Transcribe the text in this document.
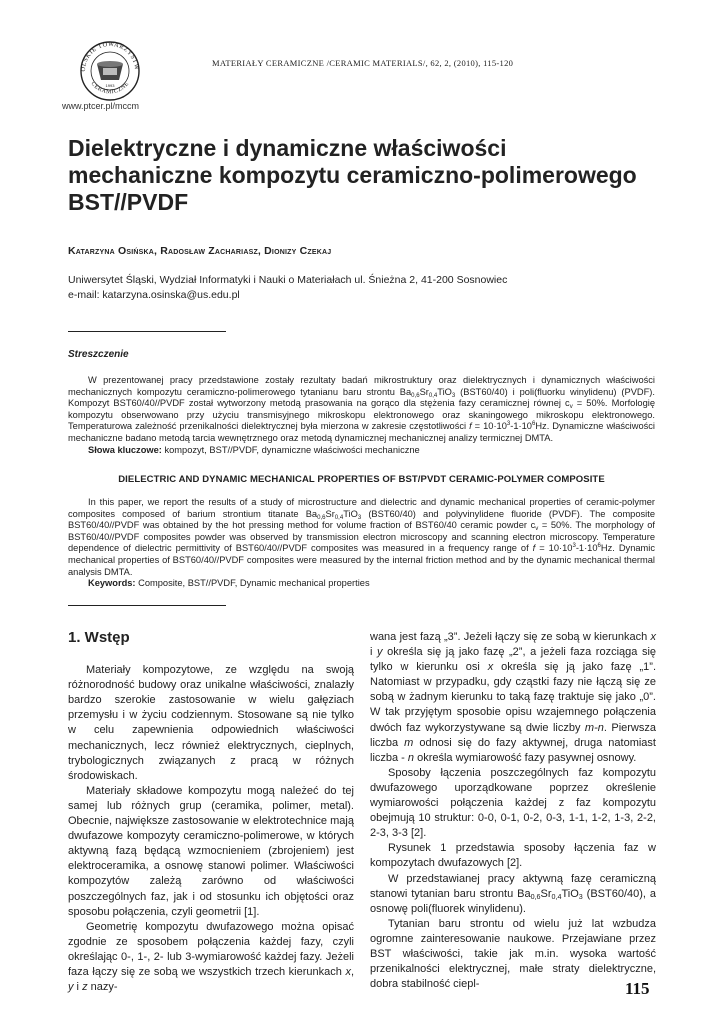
OLSKIE TOWARZYSTW
CERAMICZNE
1993
www.ptcer.pl/mccm
MATERIAŁY CERAMICZNE /CERAMIC MATERIALS/, 62, 2, (2010), 115-120
Dielektryczne i dynamiczne właściwości
mechaniczne kompozytu ceramiczno-polimerowego
BST//PVDF
Katarzyna Osińska, Radosław Zachariasz, Dionizy Czekaj
Uniwersytet Śląski, Wydział Informatyki i Nauki o Materiałach ul. Śnieżna 2, 41-200 Sosnowiec
e-mail: katarzyna.osinska@us.edu.pl
Streszczenie

W prezentowanej pracy przedstawione zostały rezultaty badań mikrostruktury oraz dielektrycznych i dynamicznych właściwości mechanicznych kompozytu ceramiczno-polimerowego tytanianu baru strontu $Ba_{0,6}Sr_{0,4}TiO_3$ (BST60/40) i poli(fluorku winylidenu) (PVDF). Kompozyt BST60/40//PVDF został wytworzony metodą prasowania na gorąco dla stężenia fazy ceramicznej równej $c_v = 50\%$. Morfologię kompozytu obserwowano przy użyciu transmisyjnego mikroskopu elektronowego oraz skaningowego mikroskopu elektronowego. Temperaturowa zależność przenikalności dielektrycznej była mierzona w zakresie częstotliwości $f = 10\cdot 10^3-1\cdot 10^6Hz$. Dynamiczne właściwości mechaniczne badano metodą tarcia wewnętrznego oraz metodą dynamicznej mechanicznej analizy termicznej DMTA.

Słowa kluczowe: kompozyt, BST//PVDF, dynamiczne właściwości mechaniczne

DIELECTRIC AND DYNAMIC MECHANICAL PROPERTIES OF BST/PVDT CERAMIC-POLYMER COMPOSITE

In this paper, we report the results of a study of microstructure and dielectric and dynamic mechanical properties of ceramic-polymer composites composed of barium strontium titanate $Ba_{0,6}Sr_{0,4}TiO_3$ (BST60/40) and polyvinylidene fluoride (PVDF). The composite BST60/40//PVDF was obtained by the hot pressing method for volume fraction of BST60/40 ceramic powder $c_v = 50\%$. The morphology of BST60/40//PVDF composites powder was observed by transmission electron microscopy and scanning electron microscopy. Temperature dependence of dielectric permittivity of BST60/40//PVDF composites was measured in a frequency range of $f = 10\cdot 10^3-1\cdot 10^6Hz$. Dynamic mechanical properties of BST60/40//PVDF composites were measured by the internal friction method and by the dynamic mechanical thermal analysis DMTA.

Keywords: Composite, BST//PVDF, Dynamic mechanical properties

1. Wstęp

Materiały kompozytowe, ze względu na swoją różnorodność budowy oraz unikalne właściwości, znalazły bardzo szerokie zastosowanie w wielu gałęziach przemysłu i w życiu codziennym. Stosowane są nie tylko w celu zapewnienia odpowiednich właściwości mechanicznych, lecz również elektrycznych, cieplnych, trybologicznych związanych z pracą w różnych środowiskach.

Materiały składowe kompozytu mogą należeć do tej samej lub różnych grup (ceramika, polimer, metal). Obecnie, największe zastosowanie w elektrotechnice mają dwufazowe kompozyty ceramiczno-polimerowe, w których aktywną fazą będącą wzmocnieniem (zbrojeniem) jest elektroceramika, a osnowę stanowi polimer. Właściwości kompozytów zależą zarówno od właściwości poszczególnych faz, jak i od stosunku ich objętości oraz sposobu połączenia, czyli geometrii [1].

Geometrię kompozytu dwufazowego można opisać zgodnie ze sposobem połączenia każdej fazy, czyli określając 0-, 1-, 2- lub 3-wymiarowość każdej fazy. Jeżeli faza łączy się ze sobą we wszystkich trzech kierunkach x, y i z nazy-

wana jest fazą „3”. Jeżeli łączy się ze sobą w kierunkach x i y określa się ją jako fazę „2”, a jeżeli faza rozciąga się tylko w kierunku osi x określa się ją jako fazę „1”. Natomiast w przypadku, gdy cząstki fazy nie łączą się ze sobą w żadnym kierunku to taką fazę traktuje się jako „0”. W tak przyjętym sposobie opisu wzajemnego połączenia dwóch faz wykorzystywane są dwie liczby m-n. Pierwsza liczba m odnosi się do fazy aktywnej, druga natomiast liczba - n określa wymiarowość fazy pasywnej osnowy.

Sposoby łączenia poszczególnych faz kompozytu dwufazowego uporządkowane poprzez określenie wymiarowości połączenia każdej z faz kompozytu obejmują 10 struktur: 0-0, 0-1, 0-2, 0-3, 1-1, 1-2, 1-3, 2-2, 2-3, 3-3 [2].

Rysunek 1 przedstawia sposoby łączenia faz w kompozytach dwufazowych [2].

W przedstawianej pracy aktywną fazę ceramiczną stanowi tytanian baru strontu $Ba_{0,6}Sr_{0,4}TiO_3$ (BST60/40), a osnowę poli(fluorek winylidenu).

Tytanian baru strontu od wielu już lat wzbudza ogromne zainteresowanie naukowe. Przejawiane przez BST właściwości, takie jak m.in. wysoka wartość przenikalności elektrycznej, małe straty dielektryczne, dobra stabilność ciepl-	115
